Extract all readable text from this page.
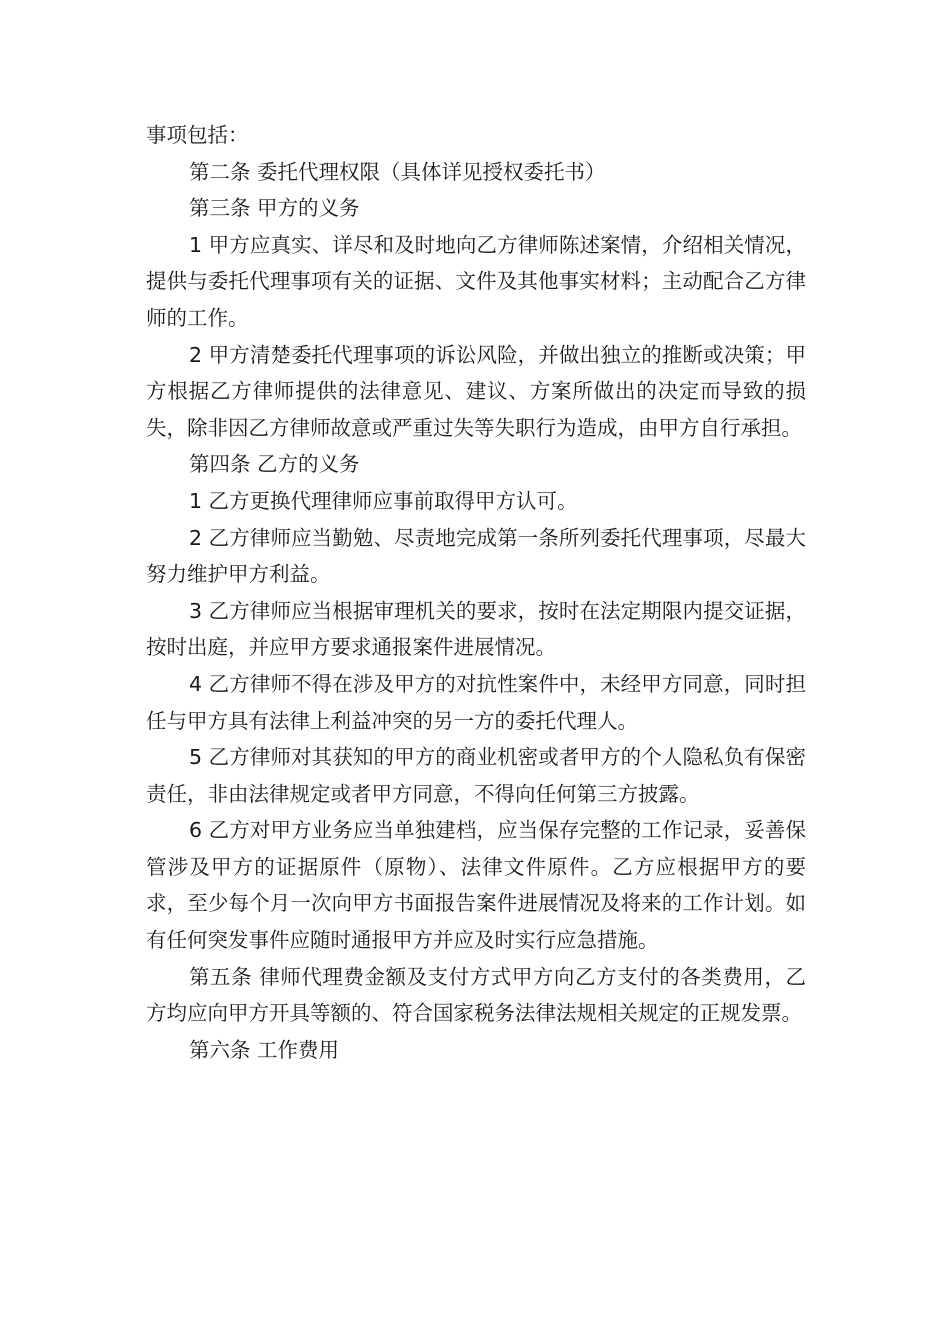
事项包括：

第二条 委托代理权限（具体详见授权委托书）

第三条 甲方的义务

1 甲方应真实、详尽和及时地向乙方律师陈述案情，介绍相关情况，提供与委托代理事项有关的证据、文件及其他事实材料；主动配合乙方律师的工作。

2 甲方清楚委托代理事项的诉讼风险，并做出独立的推断或决策；甲方根据乙方律师提供的法律意见、建议、方案所做出的决定而导致的损失，除非因乙方律师故意或严重过失等失职行为造成，由甲方自行承担。

第四条 乙方的义务

1 乙方更换代理律师应事前取得甲方认可。

2 乙方律师应当勤勉、尽责地完成第一条所列委托代理事项，尽最大努力维护甲方利益。

3 乙方律师应当根据审理机关的要求，按时在法定期限内提交证据，按时出庭，并应甲方要求通报案件进展情况。

4 乙方律师不得在涉及甲方的对抗性案件中，未经甲方同意，同时担任与甲方具有法律上利益冲突的另一方的委托代理人。

5 乙方律师对其获知的甲方的商业机密或者甲方的个人隐私负有保密责任，非由法律规定或者甲方同意，不得向任何第三方披露。

6 乙方对甲方业务应当单独建档，应当保存完整的工作记录，妥善保管涉及甲方的证据原件（原物）、法律文件原件。乙方应根据甲方的要求，至少每个月一次向甲方书面报告案件进展情况及将来的工作计划。如有任何突发事件应随时通报甲方并应及时实行应急措施。

第五条 律师代理费金额及支付方式甲方向乙方支付的各类费用，乙方均应向甲方开具等额的、符合国家税务法律法规相关规定的正规发票。

第六条 工作费用
